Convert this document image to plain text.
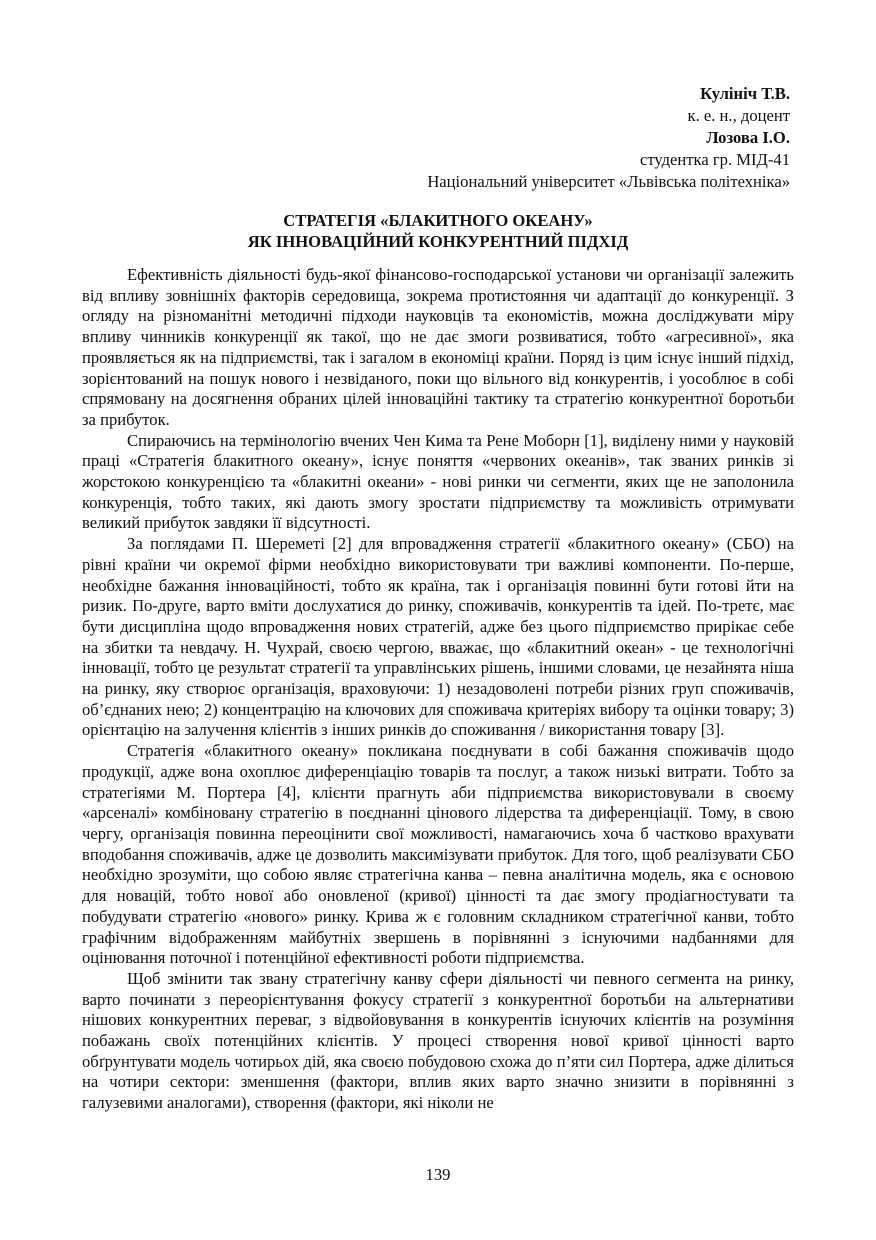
Кулініч Т.В.
к. е. н., доцент
Лозова І.О.
студентка гр. МІД-41
Національний університет «Львівська політехніка»
СТРАТЕГІЯ «БЛАКИТНОГО ОКЕАНУ»
ЯК ІННОВАЦІЙНИЙ КОНКУРЕНТНИЙ ПІДХІД

Ефективність діяльності будь-якої фінансово-господарської установи чи організації залежить від впливу зовнішніх факторів середовища, зокрема протистояння чи адаптації до конкуренції. З огляду на різноманітні методичні підходи науковців та економістів, можна досліджувати міру впливу чинників конкуренції як такої, що не дає змоги розвиватися, тобто «агресивної», яка проявляється як на підприємстві, так і загалом в економіці країни. Поряд із цим існує інший підхід, зорієнтований на пошук нового і незвіданого, поки що вільного від конкурентів, і уособлює в собі спрямовану на досягнення обраних цілей інноваційні тактику та стратегію конкурентної боротьби за прибуток.

Спираючись на термінологію вчених Чен Кима та Рене Моборн [1], виділену ними у науковій праці «Стратегія блакитного океану», існує поняття «червоних океанів», так званих ринків зі жорстокою конкуренцією та «блакитні океани» - нові ринки чи сегменти, яких ще не заполонила конкуренція, тобто таких, які дають змогу зростати підприємству та можливість отримувати великий прибуток завдяки її відсутності.

За поглядами П. Шереметі [2] для впровадження стратегії «блакитного океану» (СБО) на рівні країни чи окремої фірми необхідно використовувати три важливі компоненти. По-перше, необхідне бажання інноваційності, тобто як країна, так і організація повинні бути готові йти на ризик. По-друге, варто вміти дослухатися до ринку, споживачів, конкурентів та ідей. По-третє, має бути дисципліна щодо впровадження нових стратегій, адже без цього підприємство прирікає себе на збитки та невдачу. Н. Чухрай, своєю чергою, вважає, що «блакитний океан» - це технологічні інновації, тобто це результат стратегії та управлінських рішень, іншими словами, це незайнята ніша на ринку, яку створює організація, враховуючи: 1) незадоволені потреби різних груп споживачів, об’єднаних нею; 2) концентрацію на ключових для споживача критеріях вибору та оцінки товару; 3) орієнтацію на залучення клієнтів з інших ринків до споживання / використання товару [3].

Стратегія «блакитного океану» покликана поєднувати в собі бажання споживачів щодо продукції, адже вона охоплює диференціацію товарів та послуг, а також низькі витрати. Тобто за стратегіями М. Портера [4], клієнти прагнуть аби підприємства використовували в своєму «арсеналі» комбіновану стратегію в поєднанні цінового лідерства та диференціації. Тому, в свою чергу, організація повинна переоцінити свої можливості, намагаючись хоча б частково врахувати вподобання споживачів, адже це дозволить максимізувати прибуток. Для того, щоб реалізувати СБО необхідно зрозуміти, що собою являє стратегічна канва – певна аналітична модель, яка є основою для новацій, тобто нової або оновленої (кривої) цінності та дає змогу продіагностувати та побудувати стратегію «нового» ринку. Крива ж є головним складником стратегічної канви, тобто графічним відображенням майбутніх звершень в порівнянні з існуючими надбаннями для оцінювання поточної і потенційної ефективності роботи підприємства.

Щоб змінити так звану стратегічну канву сфери діяльності чи певного сегмента на ринку, варто починати з переорієнтування фокусу стратегії з конкурентної боротьби на альтернативи нішових конкурентних переваг, з відвойовування в конкурентів існуючих клієнтів на розуміння побажань своїх потенційних клієнтів. У процесі створення нової кривої цінності варто обґрунтувати модель чотирьох дій, яка своєю побудовою схожа до п’яти сил Портера, адже ділиться на чотири сектори: зменшення (фактори, вплив яких варто значно знизити в порівнянні з галузевими аналогами), створення (фактори, які ніколи не

139
